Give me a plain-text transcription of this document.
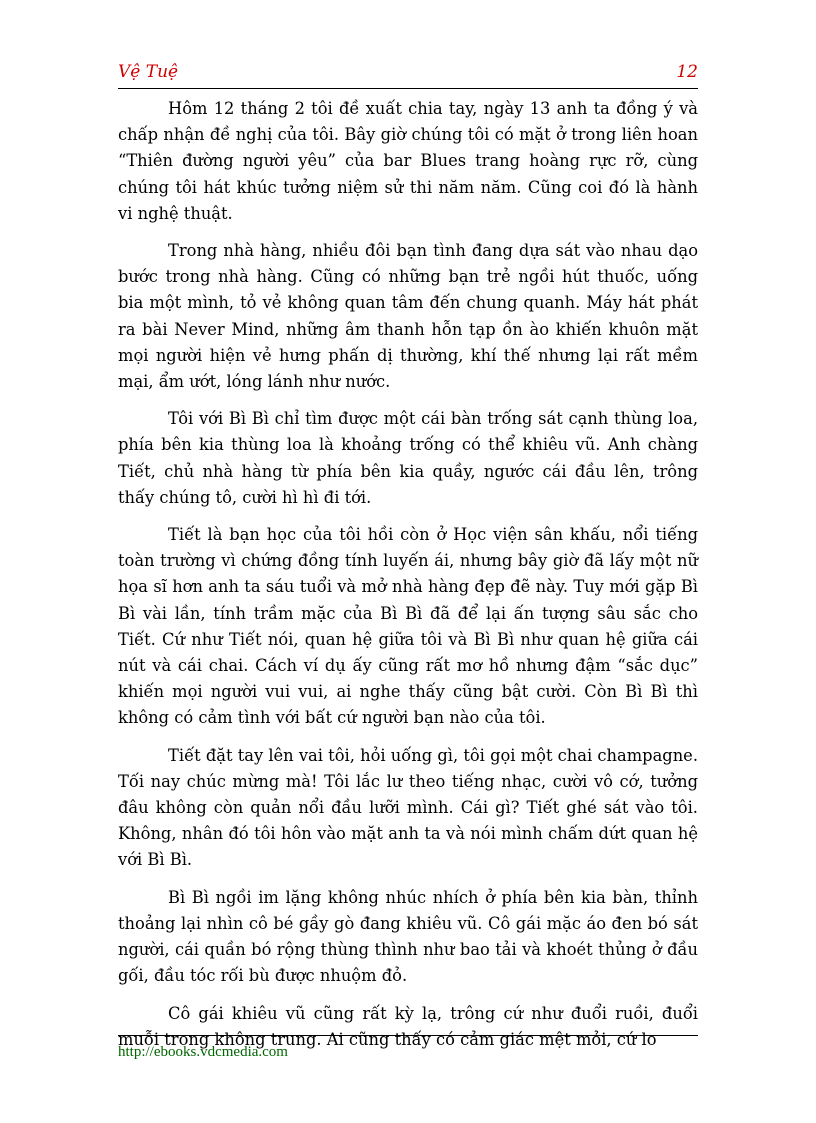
Vệ Tuệ	12

Hôm 12 tháng 2 tôi đề xuất chia tay, ngày 13 anh ta đồng ý và chấp nhận đề nghị của tôi. Bây giờ chúng tôi có mặt ở trong liên hoan “Thiên đường người yêu” của bar Blues trang hoàng rực rỡ, cùng chúng tôi hát khúc tưởng niệm sử thi năm năm. Cũng coi đó là hành vi nghệ thuật.

Trong nhà hàng, nhiều đôi bạn tình đang dựa sát vào nhau dạo bước trong nhà hàng. Cũng có những bạn trẻ ngồi hút thuốc, uống bia một mình, tỏ vẻ không quan tâm đến chung quanh. Máy hát phát ra bài Never Mind, những âm thanh hỗn tạp ồn ào khiến khuôn mặt mọi người hiện vẻ hưng phấn dị thường, khí thế nhưng lại rất mềm mại, ẩm ướt, lóng lánh như nước.

Tôi với Bì Bì chỉ tìm được một cái bàn trống sát cạnh thùng loa, phía bên kia thùng loa là khoảng trống có thể khiêu vũ. Anh chàng Tiết, chủ nhà hàng từ phía bên kia quầy, ngước cái đầu lên, trông thấy chúng tô, cười hì hì đi tới.

Tiết là bạn học của tôi hồi còn ở Học viện sân khấu, nổi tiếng toàn trường vì chứng đồng tính luyến ái, nhưng bây giờ đã lấy một nữ họa sĩ hơn anh ta sáu tuổi và mở nhà hàng đẹp đẽ này. Tuy mới gặp Bì Bì vài lần, tính trầm mặc của Bì Bì đã để lại ấn tượng sâu sắc cho Tiết. Cứ như Tiết nói, quan hệ giữa tôi và Bì Bì như quan hệ giữa cái nút và cái chai. Cách ví dụ ấy cũng rất mơ hồ nhưng đậm “sắc dục” khiến mọi người vui vui, ai nghe thấy cũng bật cười. Còn Bì Bì thì không có cảm tình với bất cứ người bạn nào của tôi.

Tiết đặt tay lên vai tôi, hỏi uống gì, tôi gọi một chai champagne. Tối nay chúc mừng mà! Tôi lắc lư theo tiếng nhạc, cười vô cớ, tưởng đâu không còn quản nổi đầu lưỡi mình. Cái gì? Tiết ghé sát vào tôi. Không, nhân đó tôi hôn vào mặt anh ta và nói mình chấm dứt quan hệ với Bì Bì.

Bì Bì ngồi im lặng không nhúc nhích ở phía bên kia bàn, thỉnh thoảng lại nhìn cô bé gầy gò đang khiêu vũ. Cô gái mặc áo đen bó sát người, cái quần bó rộng thùng thình như bao tải và khoét thủng ở đầu gối, đầu tóc rối bù được nhuộm đỏ.

Cô gái khiêu vũ cũng rất kỳ lạ, trông cứ như đuổi ruồi, đuổi muỗi trong không trung. Ai cũng thấy có cảm giác mệt mỏi, cứ lo

http://ebooks.vdcmedia.com
